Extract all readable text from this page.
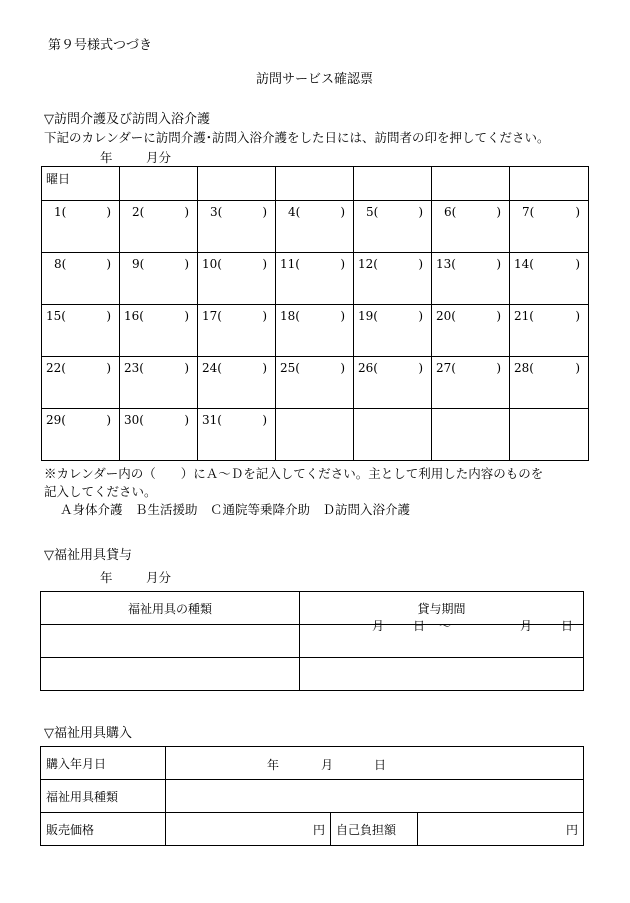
第９号様式つづき
訪問サービス確認票
▽訪問介護及び訪問入浴介護
下記のカレンダーに訪問介護･訪問入浴介護をした日には、訪問者の印を押してください。
年	月分
曜日						

1( )	2( )	3( )	4( )	5( )	6( )	7( )

8( )	9( )	10( )	11( )	12( )	13( )	14( )

15( )	16( )	17( )	18( )	19( )	20( )	21( )

22( )	23( )	24( )	25( )	26( )	27( )	28( )

29( )	30( )	31( )				

※カレンダー内の（　　）にＡ～Ｄを記入してください。主として利用した内容のものを
記入してください。
Ａ身体介護　Ｂ生活援助　Ｃ通院等乗降介助　Ｄ訪問入浴介護
▽福祉用具貸与
年	月分
福祉用具の種類	貸与期間

	月 日 ～ 月 日

▽福祉用具購入
購入年月日	年 月 日		

福祉用具種類			
販売価格	円	自己負担額	円
